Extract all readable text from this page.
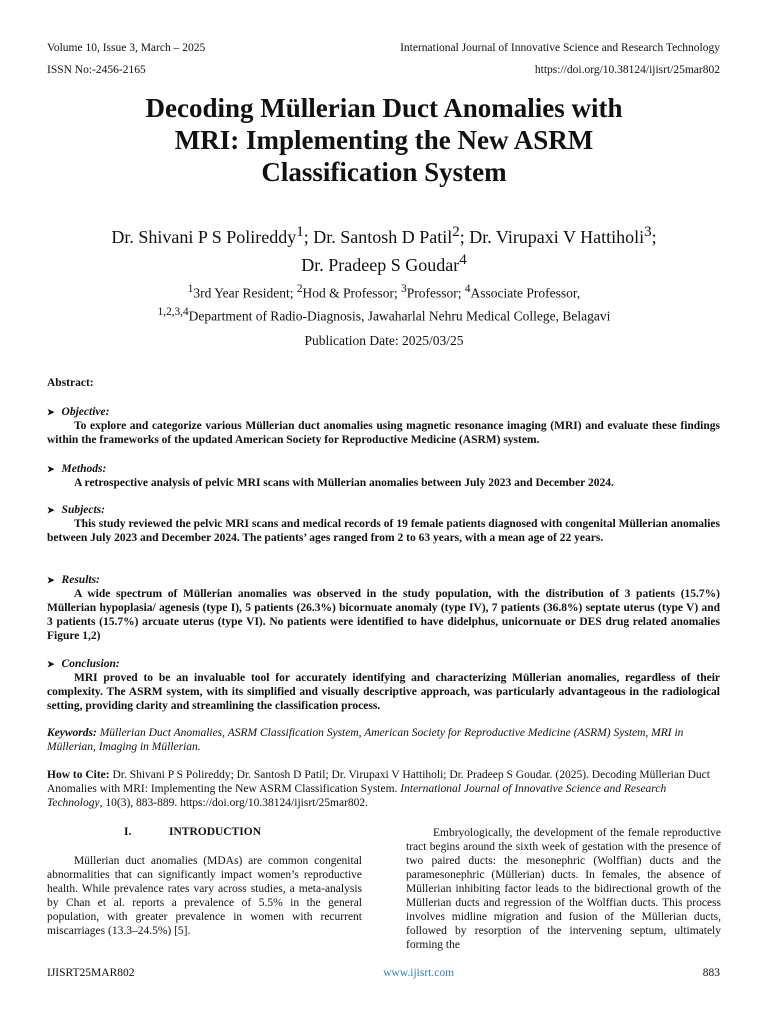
Volume 10, Issue 3, March – 2025	International Journal of Innovative Science and Research Technology
ISSN No:-2456-2165	https://doi.org/10.38124/ijisrt/25mar802
Decoding Müllerian Duct Anomalies with
MRI: Implementing the New ASRM
Classification System
Dr. Shivani P S Polireddy$^1$; Dr. Santosh D Patil$^2$; Dr. Virupaxi V Hattiholi$^3$;
Dr. Pradeep S Goudar$^4$
$^1$3rd Year Resident; $^2$Hod & Professor; $^3$Professor; $^4$Associate Professor,
$^{1,2,3,4}$Department of Radio-Diagnosis, Jawaharlal Nehru Medical College, Belagavi
Publication Date: 2025/03/25
Abstract:
➤ Objective:
To explore and categorize various Müllerian duct anomalies using magnetic resonance imaging (MRI) and evaluate these findings within the frameworks of the updated American Society for Reproductive Medicine (ASRM) system.
➤ Methods:
A retrospective analysis of pelvic MRI scans with Müllerian anomalies between July 2023 and December 2024.
➤ Subjects:
This study reviewed the pelvic MRI scans and medical records of 19 female patients diagnosed with congenital Müllerian anomalies between July 2023 and December 2024. The patients’ ages ranged from 2 to 63 years, with a mean age of 22 years.
➤ Results:
A wide spectrum of Müllerian anomalies was observed in the study population, with the distribution of 3 patients (15.7%) Müllerian hypoplasia/ agenesis (type I), 5 patients (26.3%) bicornuate anomaly (type IV), 7 patients (36.8%) septate uterus (type V) and 3 patients (15.7%) arcuate uterus (type VI). No patients were identified to have didelphus, unicornuate or DES drug related anomalies Figure 1,2)
➤ Conclusion:
MRI proved to be an invaluable tool for accurately identifying and characterizing Müllerian anomalies, regardless of their complexity. The ASRM system, with its simplified and visually descriptive approach, was particularly advantageous in the radiological setting, providing clarity and streamlining the classification process.
Keywords: Müllerian Duct Anomalies, ASRM Classification System, American Society for Reproductive Medicine (ASRM) System, MRI in Müllerian, Imaging in Müllerian.
How to Cite: Dr. Shivani P S Polireddy; Dr. Santosh D Patil; Dr. Virupaxi V Hattiholi; Dr. Pradeep S Goudar. (2025). Decoding Müllerian Duct Anomalies with MRI: Implementing the New ASRM Classification System. International Journal of Innovative Science and Research Technology, 10(3), 883-889. https://doi.org/10.38124/ijisrt/25mar802.
I.	INTRODUCTION
Müllerian duct anomalies (MDAs) are common congenital abnormalities that can significantly impact women’s reproductive health. While prevalence rates vary across studies, a meta-analysis by Chan et al. reports a prevalence of 5.5% in the general population, with greater prevalence in women with recurrent miscarriages (13.3–24.5%) [5].
Embryologically, the development of the female reproductive tract begins around the sixth week of gestation with the presence of two paired ducts: the mesonephric (Wolffian) ducts and the paramesonephric (Müllerian) ducts. In females, the absence of Müllerian inhibiting factor leads to the bidirectional growth of the Müllerian ducts and regression of the Wolffian ducts. This process involves midline migration and fusion of the Müllerian ducts, followed by resorption of the intervening septum, ultimately forming the
IJISRT25MAR802	www.ijisrt.com	883
